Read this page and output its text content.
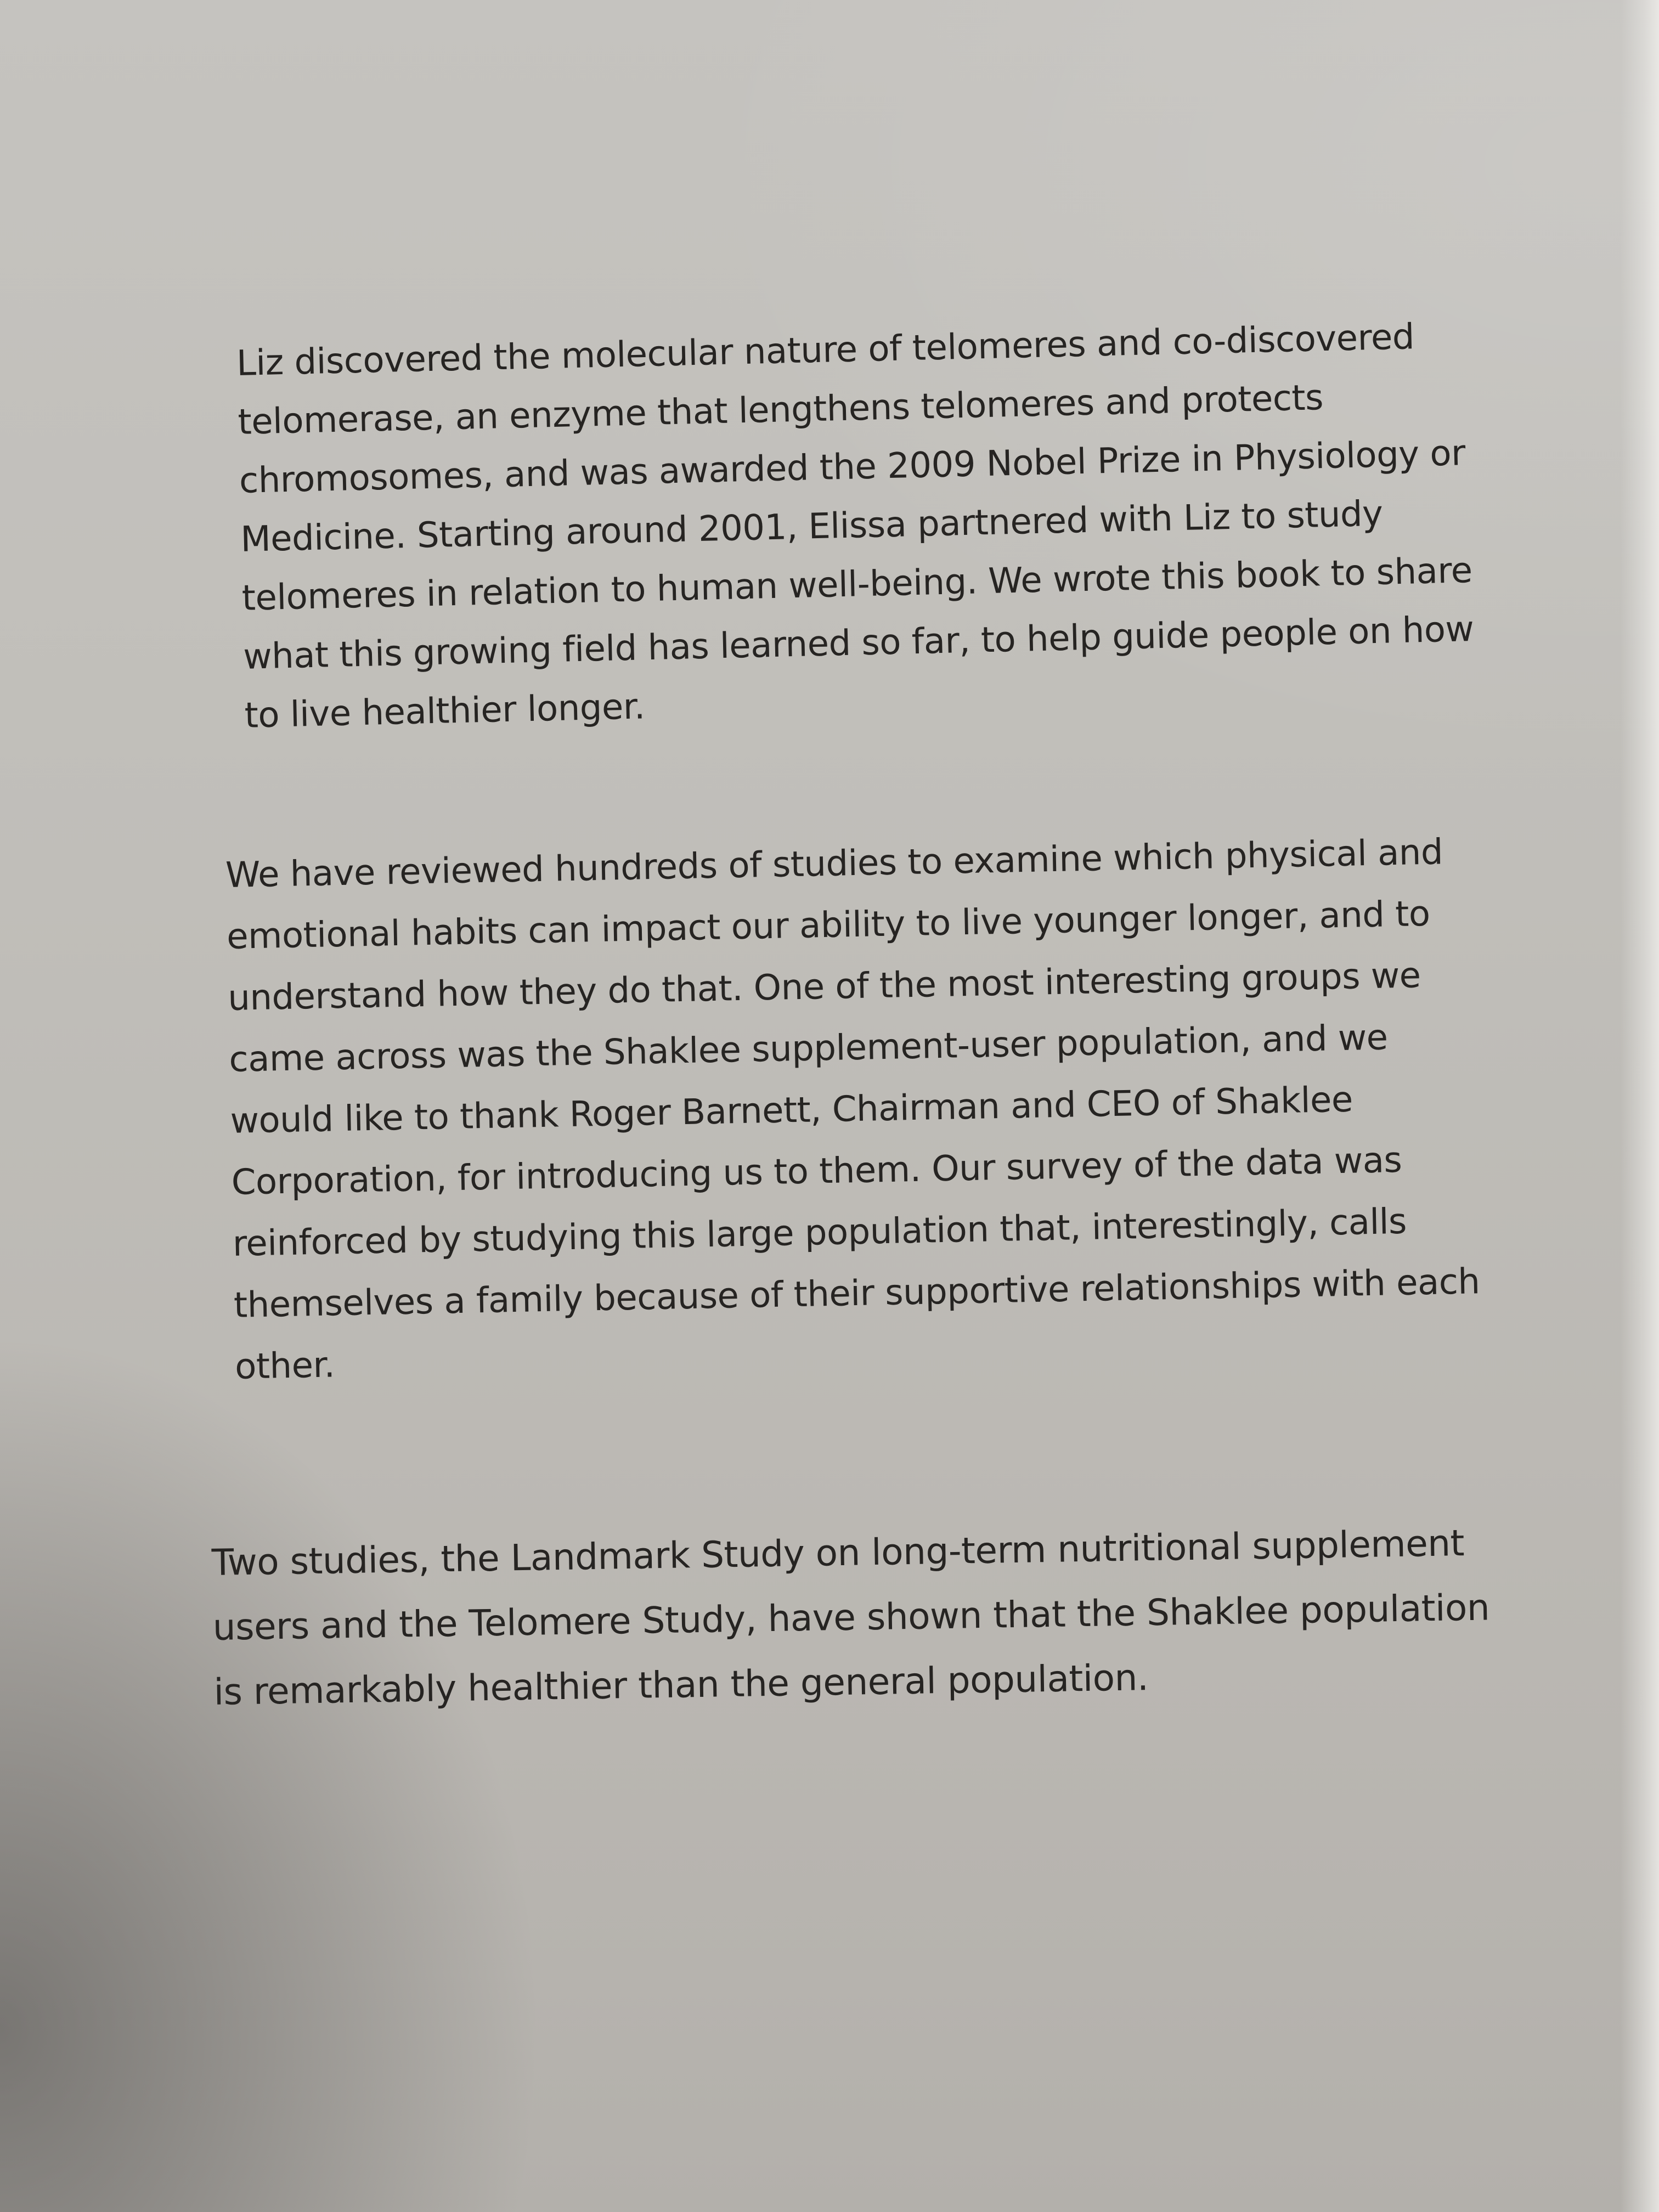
Liz discovered the molecular nature of telomeres and co-discovered
telomerase, an enzyme that lengthens telomeres and protects
chromosomes, and was awarded the 2009 Nobel Prize in Physiology or
Medicine. Starting around 2001, Elissa partnered with Liz to study
telomeres in relation to human well-being. We wrote this book to share
what this growing field has learned so far, to help guide people on how
to live healthier longer.
We have reviewed hundreds of studies to examine which physical and
emotional habits can impact our ability to live younger longer, and to
understand how they do that. One of the most interesting groups we
came across was the Shaklee supplement-user population, and we
would like to thank Roger Barnett, Chairman and CEO of Shaklee
Corporation, for introducing us to them. Our survey of the data was
reinforced by studying this large population that, interestingly, calls
themselves a family because of their supportive relationships with each
other.
Two studies, the Landmark Study on long-term nutritional supplement
users and the Telomere Study, have shown that the Shaklee population
is remarkably healthier than the general population.
